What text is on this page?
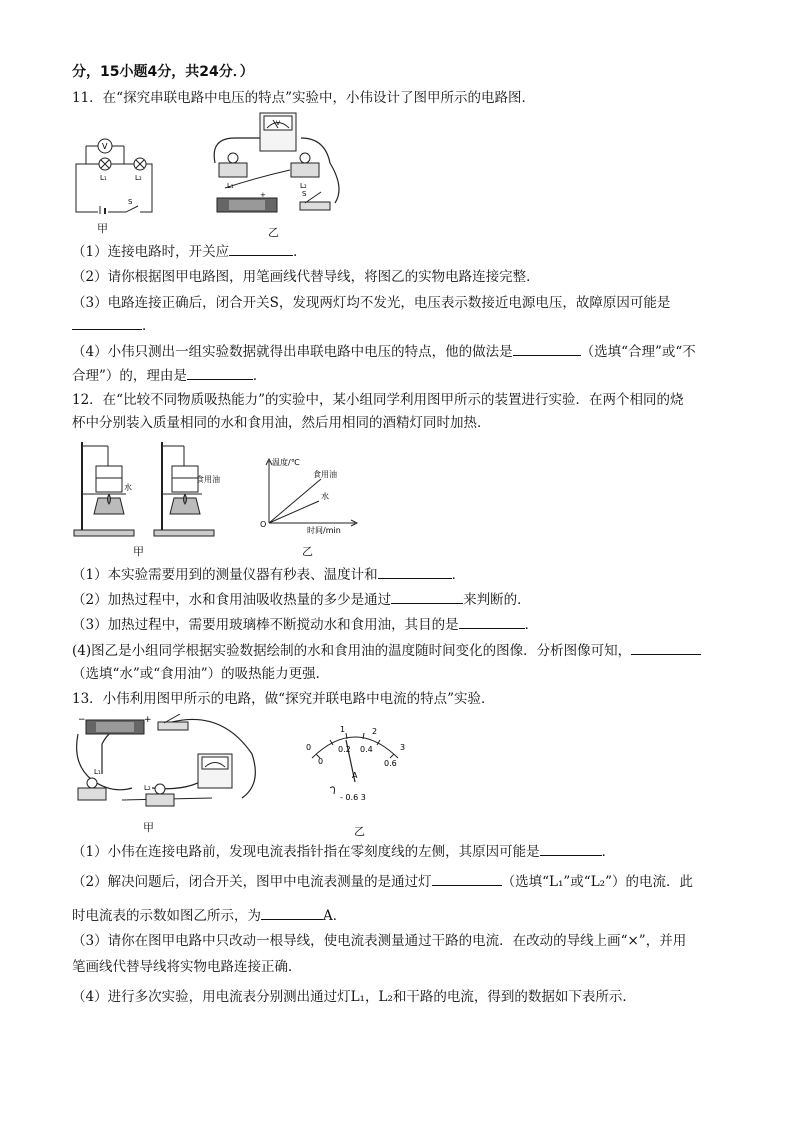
分，15小题4分，共24分．）
11．在“探究串联电路中电压的特点”实验中，小伟设计了图甲所示的电路图．
V
L₁	L₂
S
甲
V
L₁	L₂
+	S
乙
（1）连接电路时，开关应	．
（2）请你根据图甲电路图，用笔画线代替导线，将图乙的实物电路连接完整．
（3）电路连接正确后，闭合开关S，发现两灯均不发光，电压表示数接近电源电压，故障原因可能是
．
（4）小伟只测出一组实验数据就得出串联电路中电压的特点，他的做法是	（选填“合理”或“不
合理”）的，理由是	．
12．在“比较不同物质吸热能力”的实验中，某小组同学利用图甲所示的装置进行实验．在两个相同的烧
杯中分别装入质量相同的水和食用油，然后用相同的酒精灯同时加热．
水
食用油
甲
温度/℃
时间/min
O
食用油
水
乙
（1）本实验需要用到的测量仪器有秒表、温度计和	．
（2）加热过程中，水和食用油吸收热量的多少是通过	来判断的．
（3）加热过程中，需要用玻璃棒不断搅动水和食用油，其目的是	．
(4)图乙是小组同学根据实验数据绘制的水和食用油的温度随时间变化的图像．分析图像可知，
（选填“水”或“食用油”）的吸热能力更强．
13．小伟利用图甲所示的电路，做“探究并联电路中电流的特点”实验．
−	+
L₁
L₂
甲
0
1	2
3
0
0.2 0.4
0.6
A
- 0.6 3
乙
（1）小伟在连接电路前，发现电流表指针指在零刻度线的左侧，其原因可能是	．
（2）解决问题后，闭合开关，图甲中电流表测量的是通过灯	（选填“L₁”或“L₂”）的电流．此
时电流表的示数如图乙所示，为	A．
（3）请你在图甲电路中只改动一根导线，使电流表测量通过干路的电流．在改动的导线上画“×”，并用
笔画线代替导线将实物电路连接正确．
（4）进行多次实验，用电流表分别测出通过灯L₁，L₂和干路的电流，得到的数据如下表所示．
